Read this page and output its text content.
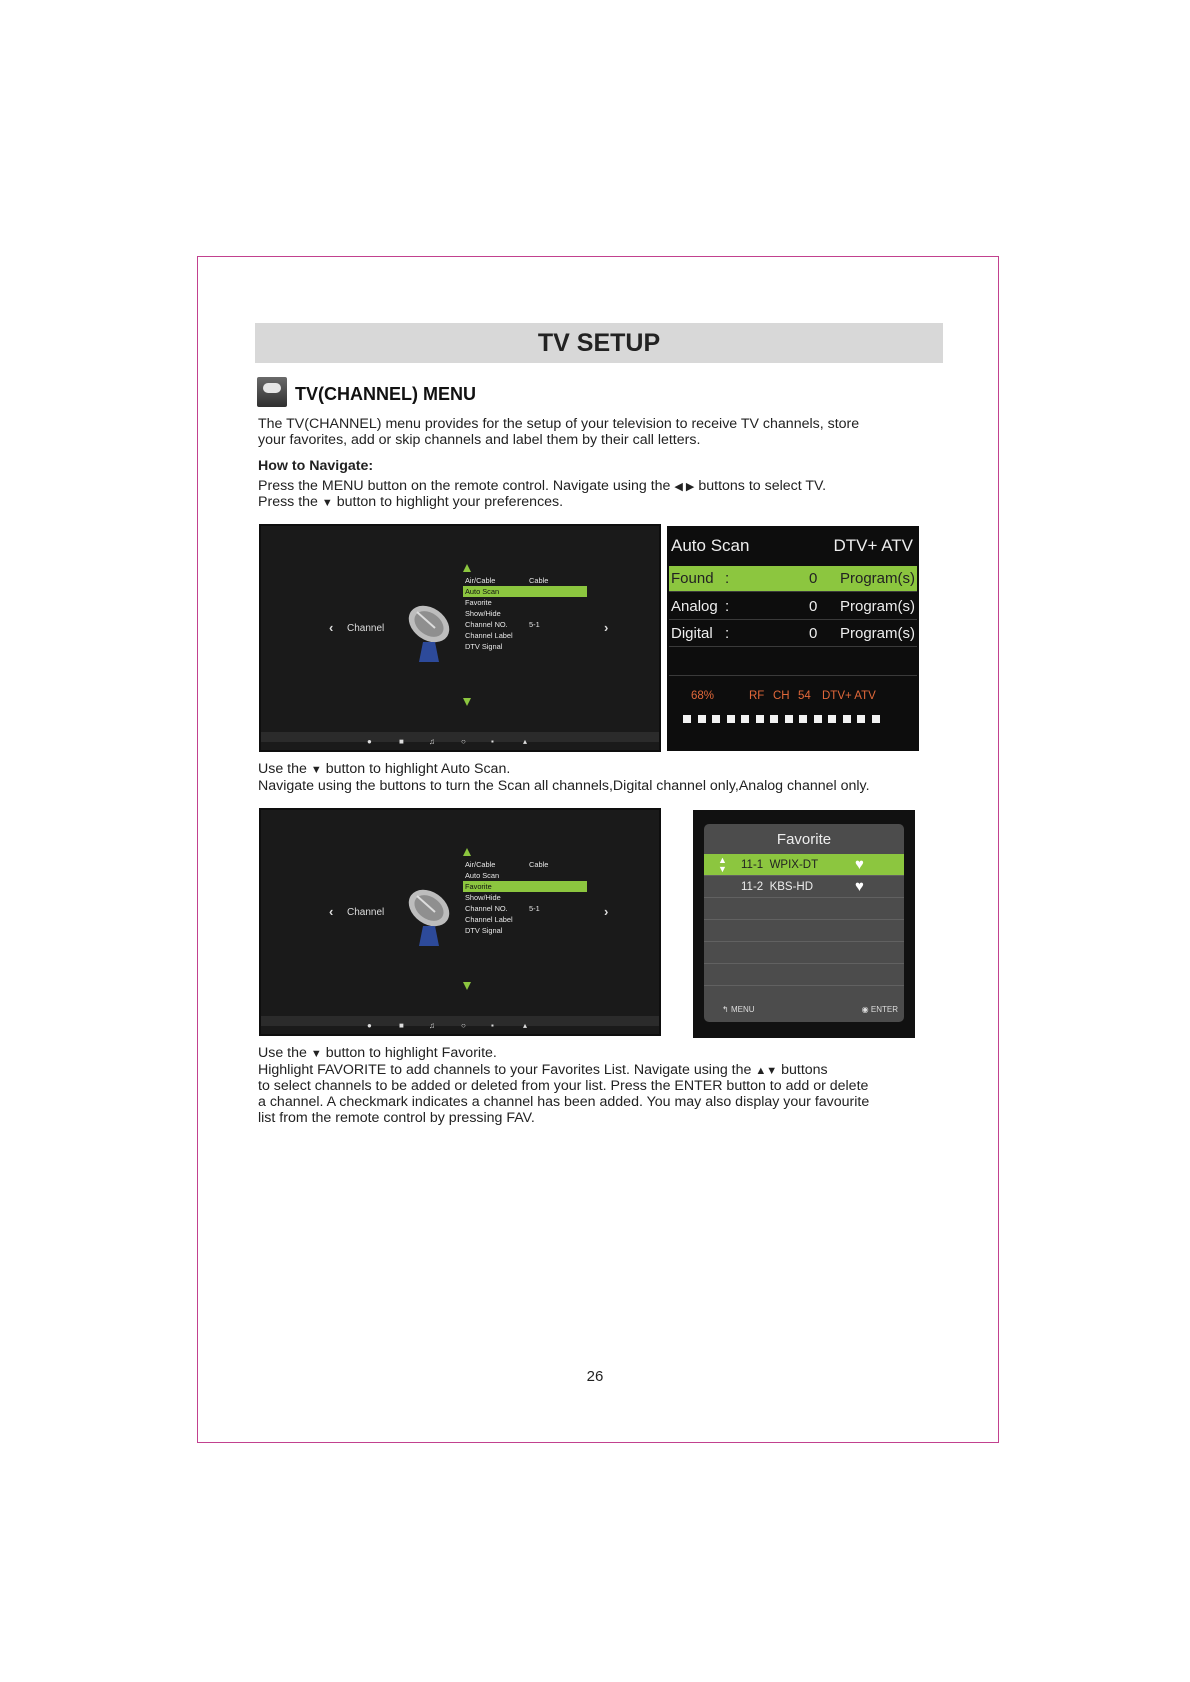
TV SETUP
TV(CHANNEL) MENU
The TV(CHANNEL) menu provides for the setup of your television to receive TV channels, store
your favorites, add or skip channels and label them by their call letters.
How to Navigate:
Press the MENU button on the remote control. Navigate using the ◀ ▶ buttons to select TV.
Press the ▼ button to highlight your preferences.
‹ Channel	›
Air/Cable	Cable
Auto Scan
Favorite
Show/Hide
Channel NO.	5-1
Channel Label
DTV Signal
●	■	♫	○	▪	▴
Auto Scan	DTV+ ATV
Found :	0 Program(s)
Analog :	0 Program(s)
Digital :	0 Program(s)
68%	RF CH 54 DTV+ ATV
Use the ▼ button to highlight Auto Scan.
Navigate using the buttons to turn the Scan all channels,Digital channel only,Analog channel only.
‹ Channel	›
Air/Cable	Cable
Auto Scan
Favorite
Show/Hide
Channel NO.	5-1
Channel Label
DTV Signal
●	■	♫	○	▪	▴
Favorite
▲
▼ 11-1 WPIX-DT ♥
11-2 KBS-HD	♥
↰ MENU	◉ ENTER
Use the ▼ button to highlight Favorite.
Highlight FAVORITE to add channels to your Favorites List. Navigate using the ▲▼ buttons
to select channels to be added or deleted from your list. Press the ENTER button to add or delete
a channel. A checkmark indicates a channel has been added. You may also display your favourite
list from the remote control by pressing FAV.
26
